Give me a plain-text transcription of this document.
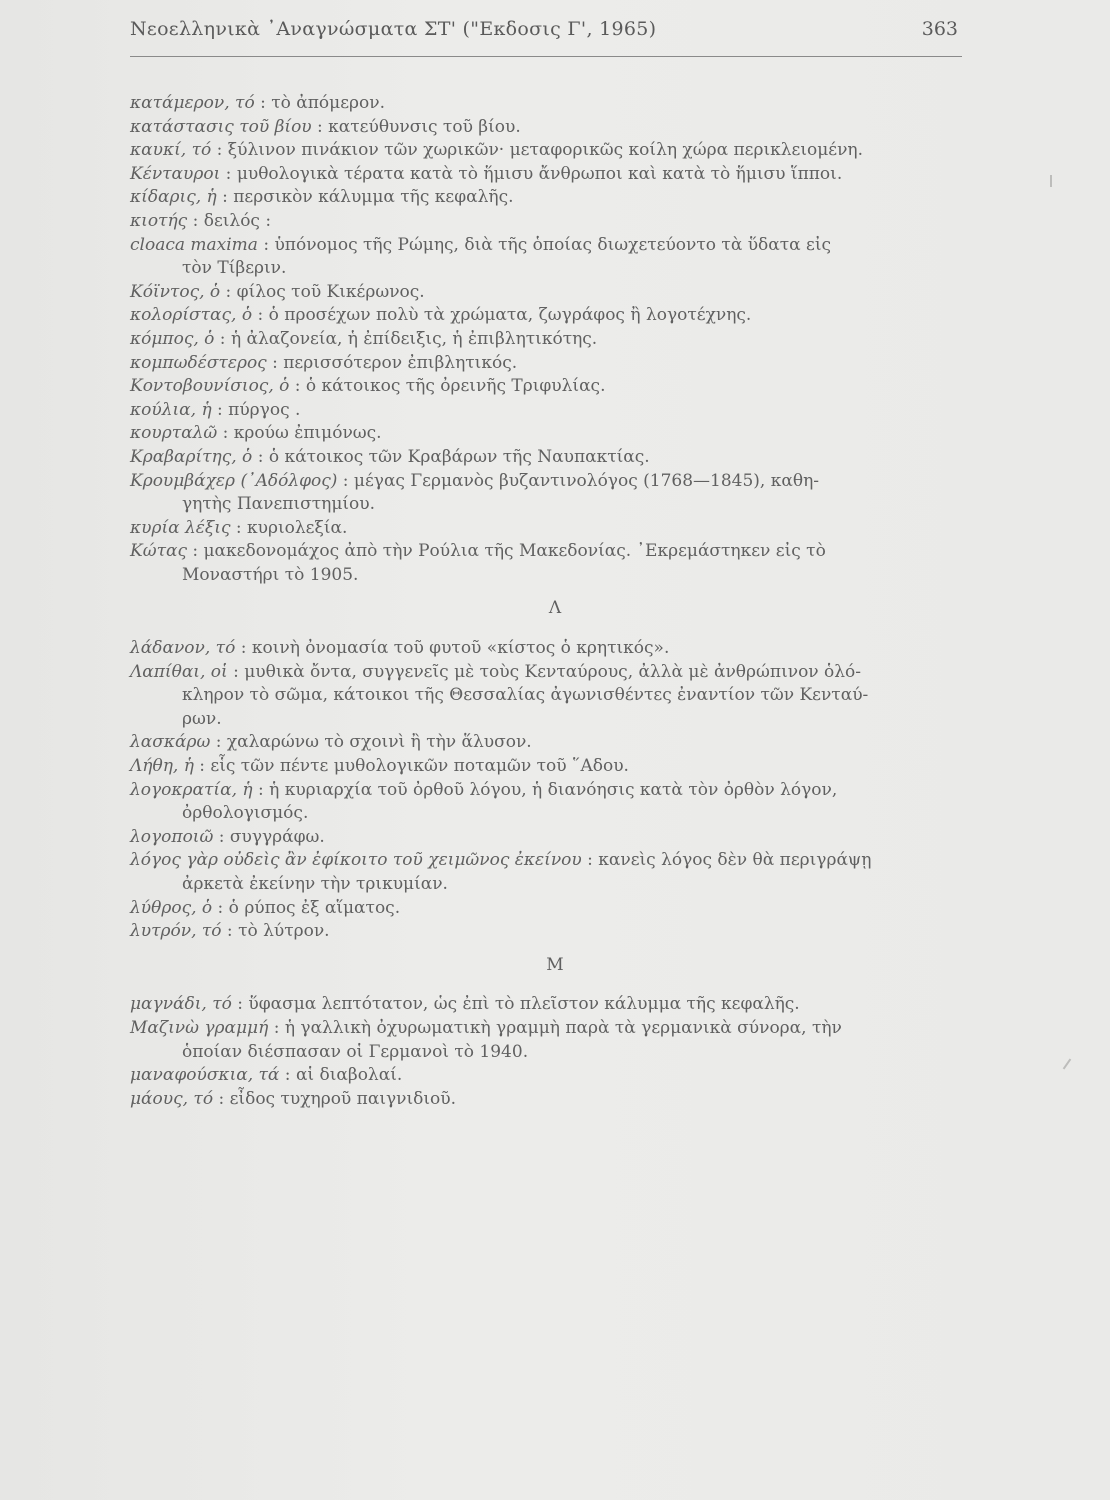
Νεοελληνικὰ ᾿Αναγνώσματα ΣΤ' ("Εκδοσις Γ', 1965)	363

κατάμερον, τό : τὸ ἀπόμερον.

κατάστασις τοῦ βίου : κατεύθυνσις τοῦ βίου.

καυκί, τό : ξύλινον πινάκιον τῶν χωρικῶν· μεταφορικῶς κοίλη χώρα περικλειομένη.

Κένταυροι : μυθολογικὰ τέρατα κατὰ τὸ ἥμισυ ἄνθρωποι καὶ κατὰ τὸ ἥμισυ ἵπποι.

κίδαρις, ἡ : περσικὸν κάλυμμα τῆς κεφαλῆς.

κιοτής : δειλός :

cloaca maxima : ὑπόνομος τῆς Ρώμης, διὰ τῆς ὁποίας διωχετεύοντο τὰ ὕδατα εἰς
τὸν Τίβεριν.

Κόϊντος, ὁ : φίλος τοῦ Κικέρωνος.

κολορίστας, ὁ : ὁ προσέχων πολὺ τὰ χρώματα, ζωγράφος ἢ λογοτέχνης.

κόμπος, ὁ : ἡ ἀλαζονεία, ἡ ἐπίδειξις, ἡ ἐπιβλητικότης.

κομπωδέστερος : περισσότερον ἐπιβλητικός.

Κοντοβουνίσιος, ὁ : ὁ κάτοικος τῆς ὀρεινῆς Τριφυλίας.

κούλια, ἡ : πύργος .

κουρταλῶ : κρούω ἐπιμόνως.

Κραβαρίτης, ὁ : ὁ κάτοικος τῶν Κραβάρων τῆς Ναυπακτίας.

Κρουμβάχερ (᾿Αδόλφος) : μέγας Γερμανὸς βυζαντινολόγος (1768—1845), καθη-
γητὴς Πανεπιστημίου.

κυρία λέξις : κυριολεξία.

Κώτας : μακεδονομάχος ἀπὸ τὴν Ρούλια τῆς Μακεδονίας. ᾿Εκρεμάστηκεν εἰς τὸ
Μοναστήρι τὸ 1905.

Λ

λάδανον, τό : κοινὴ ὀνομασία τοῦ φυτοῦ «κίστος ὁ κρητικός».

Λαπίθαι, οἱ : μυθικὰ ὄντα, συγγενεῖς μὲ τοὺς Κενταύρους, ἀλλὰ μὲ ἀνθρώπινον ὁλό-
κληρον τὸ σῶμα, κάτοικοι τῆς Θεσσαλίας ἀγωνισθέντες ἐναντίον τῶν Κενταύ-
ρων.

λασκάρω : χαλαρώνω τὸ σχοινὶ ἢ τὴν ἅλυσον.

Λήθη, ἡ : εἷς τῶν πέντε μυθολογικῶν ποταμῶν τοῦ ῞Αδου.

λογοκρατία, ἡ : ἡ κυριαρχία τοῦ ὀρθοῦ λόγου, ἡ διανόησις κατὰ τὸν ὀρθὸν λόγον,
ὀρθολογισμός.

λογοποιῶ : συγγράφω.

λόγος γὰρ οὐδεὶς ἂν ἐφίκοιτο τοῦ χειμῶνος ἐκείνου : κανεὶς λόγος δὲν θὰ περιγράψῃ
ἀρκετὰ ἐκείνην τὴν τρικυμίαν.

λύθρος, ὁ : ὁ ρύπος ἐξ αἵματος.

λυτρόν, τό : τὸ λύτρον.

Μ

μαγνάδι, τό : ὕφασμα λεπτότατον, ὡς ἐπὶ τὸ πλεῖστον κάλυμμα τῆς κεφαλῆς.

Μαζινὼ γραμμή : ἡ γαλλικὴ ὀχυρωματικὴ γραμμὴ παρὰ τὰ γερμανικὰ σύνορα, τὴν
ὁποίαν διέσπασαν οἱ Γερμανοὶ τὸ 1940.

μαναφούσκια, τά : αἱ διαβολαί.

μάους, τό : εἶδος τυχηροῦ παιγνιδιοῦ.
